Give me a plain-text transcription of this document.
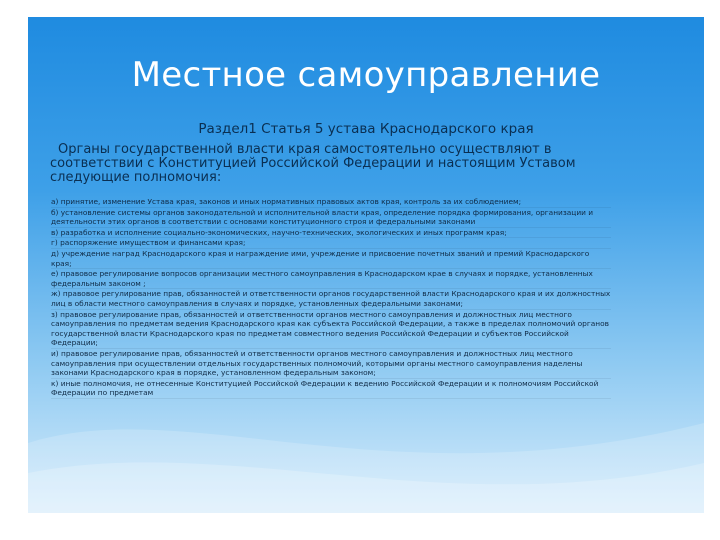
Местное самоуправление
Раздел1 Статья 5 устава Краснодарского края
Органы государственной власти края самостоятельно осуществляют в соответствии с Конституцией Российской Федерации и настоящим Уставом следующие полномочия:
а) принятие, изменение Устава края, законов и иных нормативных правовых актов края, контроль за их соблюдением;
б) установление системы органов законодательной и исполнительной власти края, определение порядка формирования, организации и деятельности этих органов в соответствии с основами конституционного строя и федеральными законами
в) разработка и исполнение социально-экономических, научно-технических, экологических и иных программ края;
г) распоряжение имуществом и финансами края;
д) учреждение наград Краснодарского края и награждение ими, учреждение и присвоение почетных званий и премий Краснодарского края;
е) правовое регулирование вопросов организации местного самоуправления в Краснодарском крае в случаях и порядке, установленных федеральным законом ;
ж) правовое регулирование прав, обязанностей и ответственности органов государственной власти Краснодарского края и их должностных лиц в области местного самоуправления в случаях и порядке, установленных федеральными законами;
з) правовое регулирование прав, обязанностей и ответственности органов местного самоуправления и должностных лиц местного самоуправления по предметам ведения Краснодарского края как субъекта Российской Федерации, а также в пределах полномочий органов государственной власти Краснодарского края по предметам совместного ведения Российской Федерации и субъектов Российской Федерации;
и) правовое регулирование прав, обязанностей и ответственности органов местного самоуправления и должностных лиц местного самоуправления при осуществлении отдельных государственных полномочий, которыми органы местного самоуправления наделены законами Краснодарского края в порядке, установленном федеральным законом;
к) иные полномочия, не отнесенные Конституцией Российской Федерации к ведению Российской Федерации и к полномочиям Российской Федерации по предметам
